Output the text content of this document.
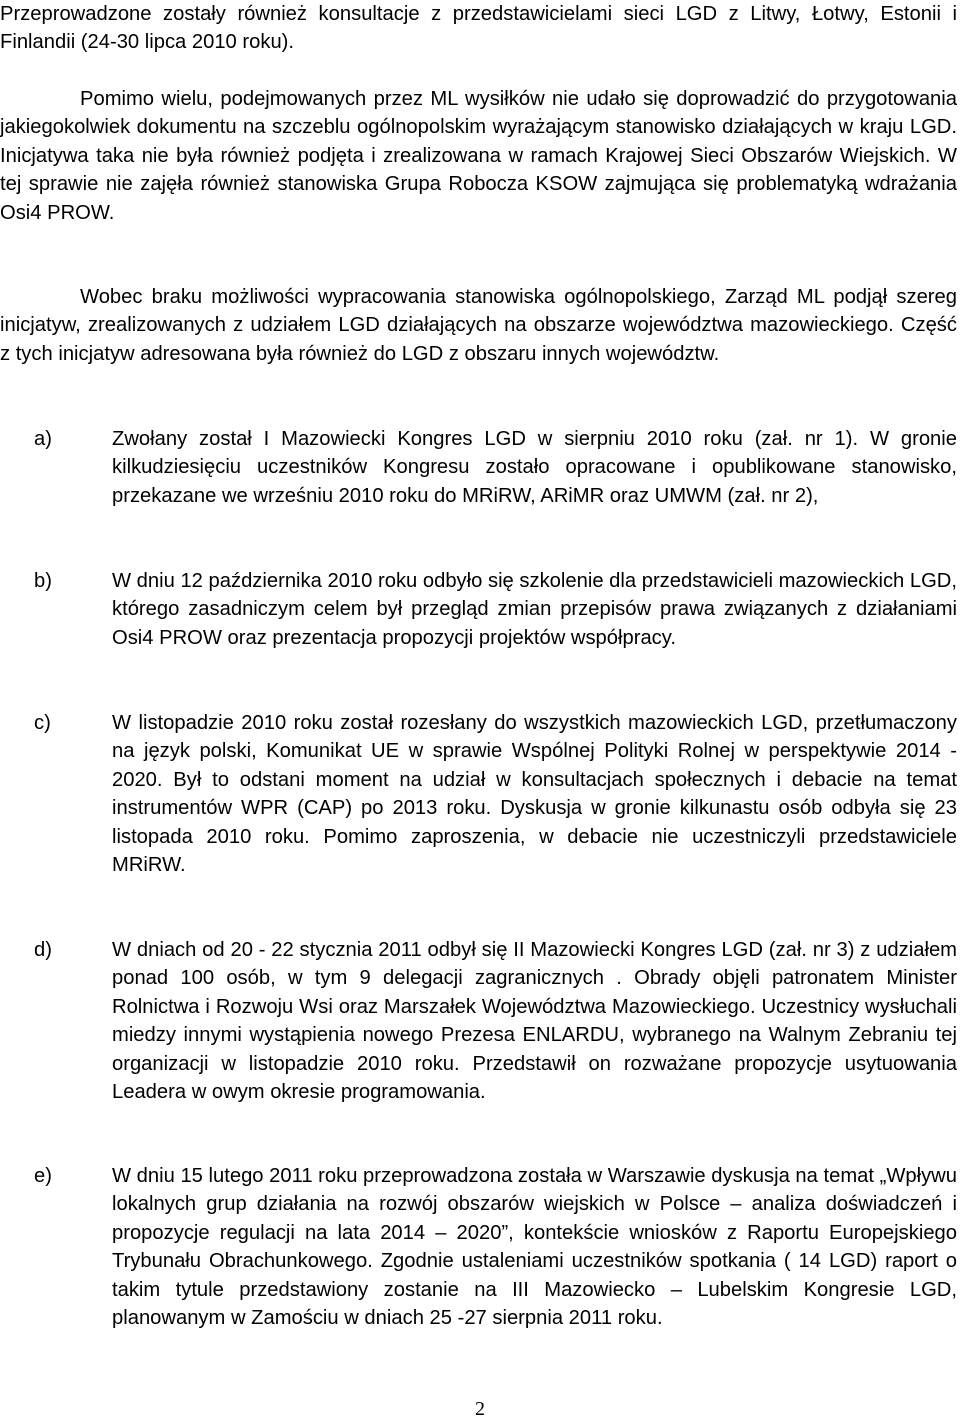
Przeprowadzone zostały również konsultacje z przedstawicielami sieci LGD z Litwy, Łotwy, Estonii i Finlandii (24-30 lipca 2010 roku).

Pomimo wielu, podejmowanych przez ML wysiłków nie udało się doprowadzić do przygotowania jakiegokolwiek dokumentu na szczeblu ogólnopolskim wyrażającym stanowisko działających w kraju LGD. Inicjatywa taka nie była również podjęta i zrealizowana w ramach Krajowej Sieci Obszarów Wiejskich. W tej sprawie nie zajęła również stanowiska Grupa Robocza KSOW zajmująca się problematyką wdrażania Osi4 PROW.

Wobec braku możliwości wypracowania stanowiska ogólnopolskiego, Zarząd ML podjął szereg inicjatyw, zrealizowanych z udziałem LGD działających na obszarze województwa mazowieckiego. Część z tych inicjatyw adresowana była również do LGD z obszaru innych województw.

a)	Zwołany został I Mazowiecki Kongres LGD w sierpniu 2010 roku (zał. nr 1). W gronie kilkudziesięciu uczestników Kongresu zostało opracowane i opublikowane stanowisko, przekazane we wrześniu 2010 roku do MRiRW, ARiMR oraz UMWM (zał. nr 2),

b)	W dniu 12 października 2010 roku odbyło się szkolenie dla przedstawicieli mazowieckich LGD, którego zasadniczym celem był przegląd zmian przepisów prawa związanych z działaniami Osi4 PROW oraz prezentacja propozycji projektów współpracy.

c)	W listopadzie 2010 roku został rozesłany do wszystkich mazowieckich LGD, przetłumaczony na język polski, Komunikat UE w sprawie Wspólnej Polityki Rolnej w perspektywie 2014 - 2020. Był to odstani moment na udział w konsultacjach społecznych i debacie na temat instrumentów WPR (CAP) po 2013 roku. Dyskusja w gronie kilkunastu osób odbyła się 23 listopada 2010 roku. Pomimo zaproszenia, w debacie nie uczestniczyli przedstawiciele MRiRW.

d)	W dniach od 20 - 22 stycznia 2011 odbył się II Mazowiecki Kongres LGD (zał. nr 3) z udziałem ponad 100 osób, w tym 9 delegacji zagranicznych . Obrady objęli patronatem Minister Rolnictwa i Rozwoju Wsi oraz Marszałek Województwa Mazowieckiego. Uczestnicy wysłuchali miedzy innymi wystąpienia nowego Prezesa ENLARDU, wybranego na Walnym Zebraniu tej organizacji w listopadzie 2010 roku. Przedstawił on rozważane propozycje usytuowania Leadera w owym okresie programowania.

e)	W dniu 15 lutego 2011 roku przeprowadzona została w Warszawie dyskusja na temat „Wpływu lokalnych grup działania na rozwój obszarów wiejskich w Polsce – analiza doświadczeń i propozycje regulacji na lata 2014 – 2020”, kontekście wniosków z Raportu Europejskiego Trybunału Obrachunkowego. Zgodnie ustaleniami uczestników spotkania ( 14 LGD) raport o takim tytule przedstawiony zostanie na III Mazowiecko – Lubelskim Kongresie LGD, planowanym w Zamościu w dniach 25 -27 sierpnia 2011 roku.

2
